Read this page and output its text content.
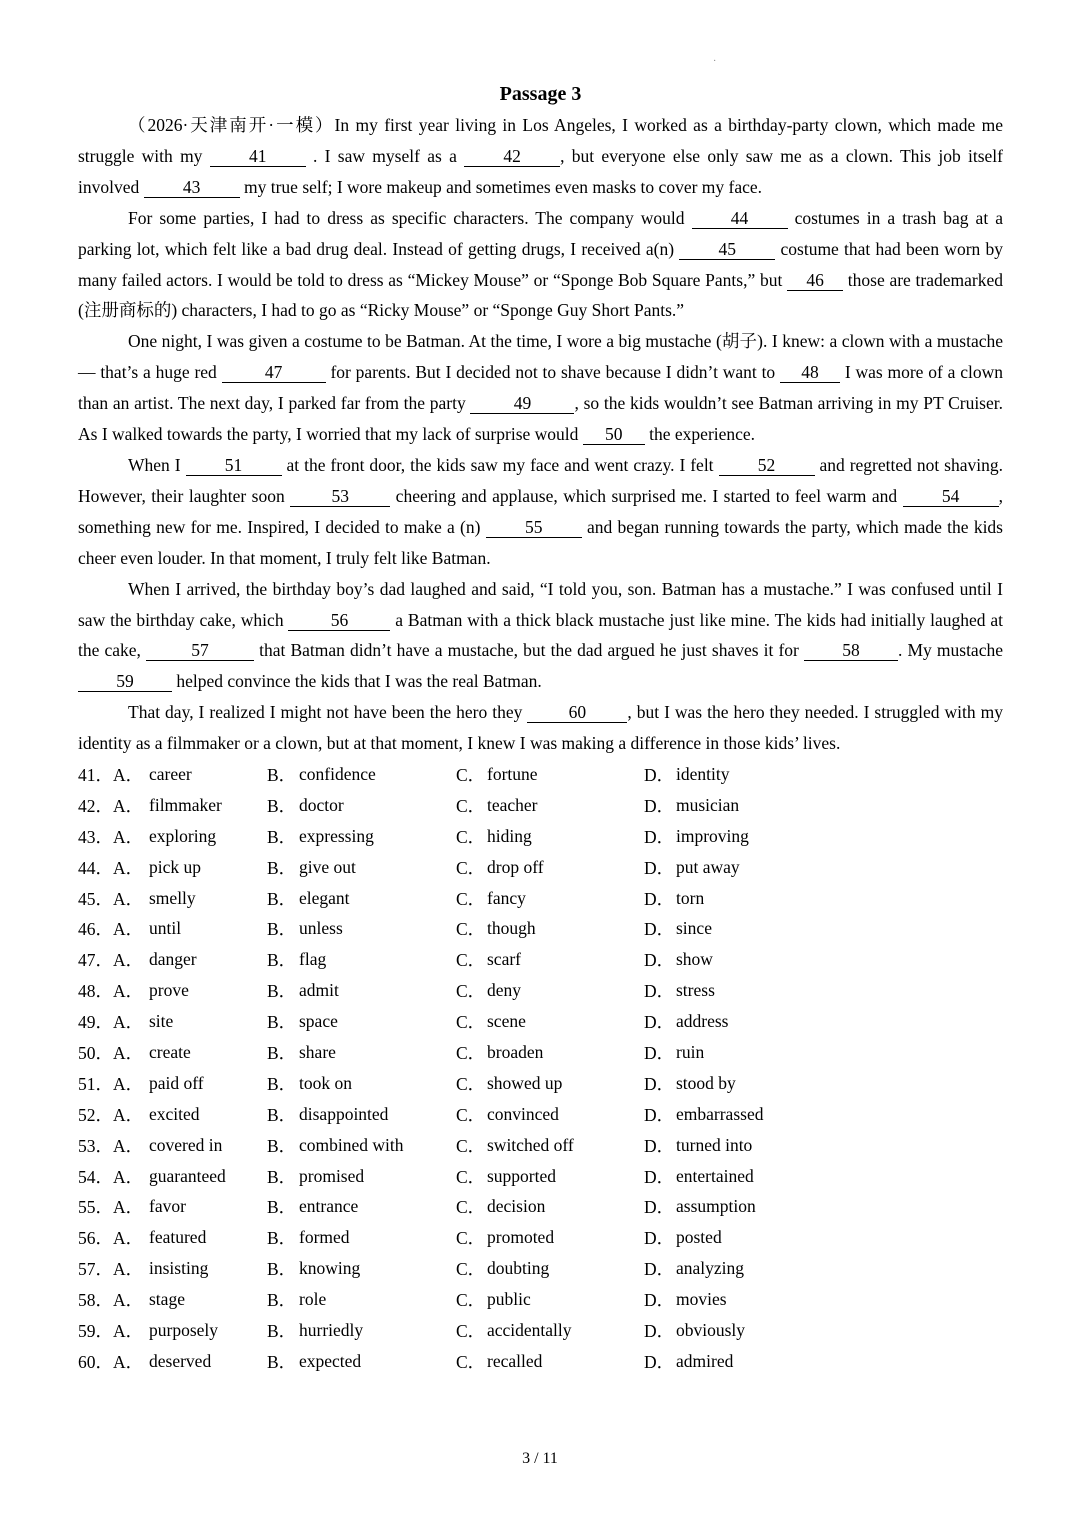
·
Passage 3

（2026·天津南开·一模）In my first year living in Los Angeles, I worked as a birthday-party clown, which made me struggle with my 41 . I saw myself as a 42 , but everyone else only saw me as a clown. This job itself involved 43 my true self; I wore makeup and sometimes even masks to cover my face.

For some parties, I had to dress as specific characters. The company would 44 costumes in a trash bag at a parking lot, which felt like a bad drug deal. Instead of getting drugs, I received a(n) 45 costume that had been worn by many failed actors. I would be told to dress as “Mickey Mouse” or “Sponge Bob Square Pants,” but 46 those are trademarked (注册商标的) characters, I had to go as “Ricky Mouse” or “Sponge Guy Short Pants.”

One night, I was given a costume to be Batman. At the time, I wore a big mustache (胡子). I knew: a clown with a mustache — that’s a huge red 47 for parents. But I decided not to shave because I didn’t want to 48 I was more of a clown than an artist. The next day, I parked far from the party 49 , so the kids wouldn’t see Batman arriving in my PT Cruiser. As I walked towards the party, I worried that my lack of surprise would 50 the experience.

When I 51 at the front door, the kids saw my face and went crazy. I felt 52 and regretted not shaving. However, their laughter soon 53 cheering and applause, which surprised me. I started to feel warm and 54 , something new for me. Inspired, I decided to make a (n) 55 and began running towards the party, which made the kids cheer even louder. In that moment, I truly felt like Batman.

When I arrived, the birthday boy’s dad laughed and said, “I told you, son. Batman has a mustache.” I was confused until I saw the birthday cake, which 56 a Batman with a thick black mustache just like mine. The kids had initially laughed at the cake,	57	that Batman didn’t have a mustache, but the dad argued he just shaves it for 58 . My mustache 59 helped convince the kids that I was the real Batman.

That day, I realized I might not have been the hero they 60 , but I was the hero they needed. I struggled with my identity as a filmmaker or a clown, but at that moment, I knew I was making a difference in those kids’ lives.

41．	A．	career	B．	confidence	C．	fortune	D．	identity
42．	A．	filmmaker	B．	doctor	C．	teacher	D．	musician
43．	A．	exploring	B．	expressing	C．	hiding	D．	improving
44．	A．	pick up	B．	give out	C．	drop off	D．	put away
45．	A．	smelly	B．	elegant	C．	fancy	D．	torn
46．	A．	until	B．	unless	C．	though	D．	since
47．	A．	danger	B．	flag	C．	scarf	D．	show
48．	A．	prove	B．	admit	C．	deny	D．	stress
49．	A．	site	B．	space	C．	scene	D．	address
50．	A．	create	B．	share	C．	broaden	D．	ruin
51．	A．	paid off	B．	took on	C．	showed up	D．	stood by
52．	A．	excited	B．	disappointed	C．	convinced	D．	embarrassed
53．	A．	covered in	B．	combined with	C．	switched off	D．	turned into
54．	A．	guaranteed	B．	promised	C．	supported	D．	entertained
55．	A．	favor	B．	entrance	C．	decision	D．	assumption
56．	A．	featured	B．	formed	C．	promoted	D．	posted
57．	A．	insisting	B．	knowing	C．	doubting	D．	analyzing
58．	A．	stage	B．	role	C．	public	D．	movies
59．	A．	purposely	B．	hurriedly	C．	accidentally	D．	obviously
60．	A．	deserved	B．	expected	C．	recalled	D．	admired
3 / 11
